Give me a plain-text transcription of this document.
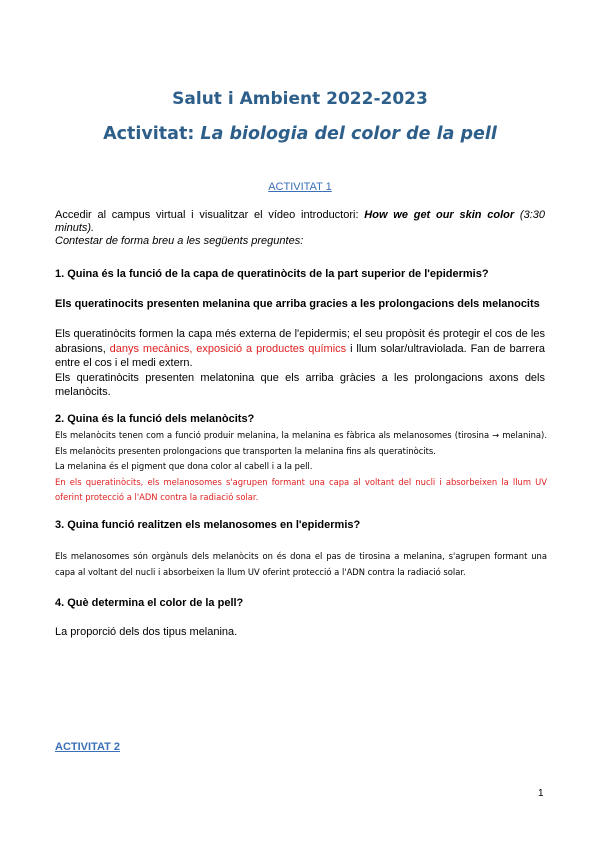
Salut i Ambient 2022-2023
Activitat: La biologia del color de la pell
ACTIVITAT 1
Accedir al campus virtual i visualitzar el vídeo introductori: How we get our skin color (3:30 minuts).
Contestar de forma breu a les següents preguntes:
1. Quina és la funció de la capa de queratinòcits de la part superior de l'epidermis?
Els queratinocits presenten melanina que arriba gracies a les prolongacions dels melanocits
Els queratinòcits formen la capa més externa de l'epidermis; el seu propòsit és protegir el cos de les abrasions, danys mecànics, exposició a productes químics i llum solar/ultraviolada. Fan de barrera entre el cos i el medi extern.
Els queratinòcits presenten melatonina que els arriba gràcies a les prolongacions axons dels melanòcits.
2. Quina és la funció dels melanòcits?
Els melanòcits tenen com a funció produir melanina, la melanina es fàbrica als melanosomes (tirosina → melanina). Els melanòcits presenten prolongacions que transporten la melanina fins als queratinòcits.
La melanina és el pigment que dona color al cabell i a la pell.
En els queratinòcits, els melanosomes s'agrupen formant una capa al voltant del nucli i absorbeixen la llum UV oferint protecció a l'ADN contra la radiació solar.
3. Quina funció realitzen els melanosomes en l'epidermis?
Els melanosomes són orgànuls dels melanòcits on és dona el pas de tirosina a melanina, s'agrupen formant una capa al voltant del nucli i absorbeixen la llum UV oferint protecció a l'ADN contra la radiació solar.
4. Què determina el color de la pell?
La proporció dels dos tipus melanina.
ACTIVITAT 2
1
